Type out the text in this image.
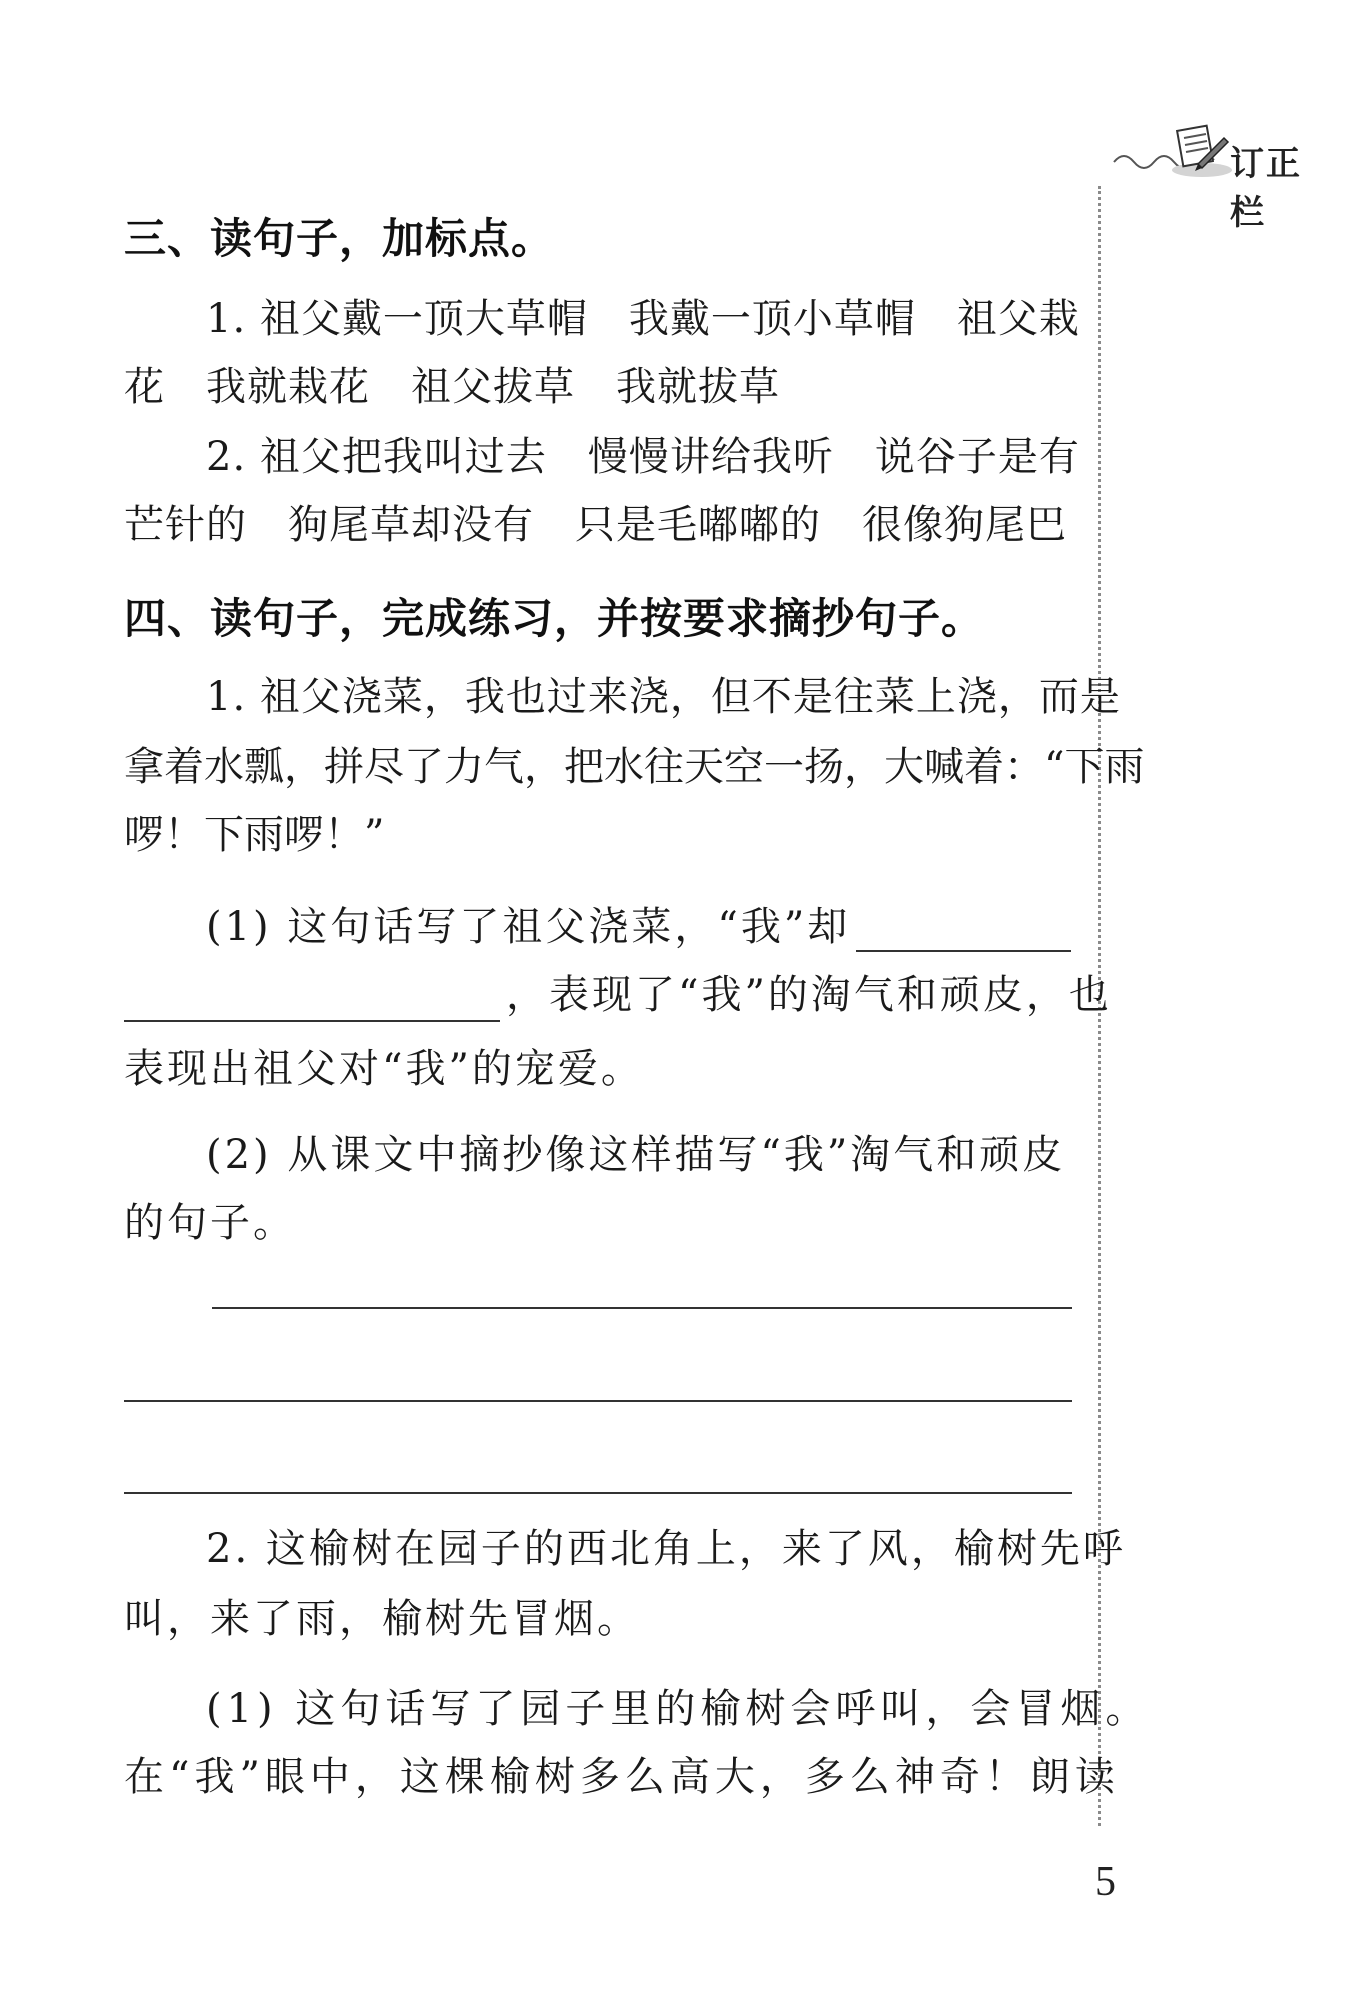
订正栏
三、读句子，加标点。
1. 祖父戴一顶大草帽　我戴一顶小草帽　祖父栽
花　我就栽花　祖父拔草　我就拔草
2. 祖父把我叫过去　慢慢讲给我听　说谷子是有
芒针的　狗尾草却没有　只是毛嘟嘟的　很像狗尾巴
四、读句子，完成练习，并按要求摘抄句子。
1. 祖父浇菜，我也过来浇，但不是往菜上浇，而是
拿着水瓢，拼尽了力气，把水往天空一扬，大喊着：“下雨
啰！下雨啰！”
(1) 这句话写了祖父浇菜，“我”却
，表现了“我”的淘气和顽皮，也
表现出祖父对“我”的宠爱。
(2) 从课文中摘抄像这样描写“我”淘气和顽皮
的句子。
2. 这榆树在园子的西北角上，来了风，榆树先呼
叫，来了雨，榆树先冒烟。
(1) 这句话写了园子里的榆树会呼叫，会冒烟。
在“我”眼中，这棵榆树多么高大，多么神奇！朗读
5
